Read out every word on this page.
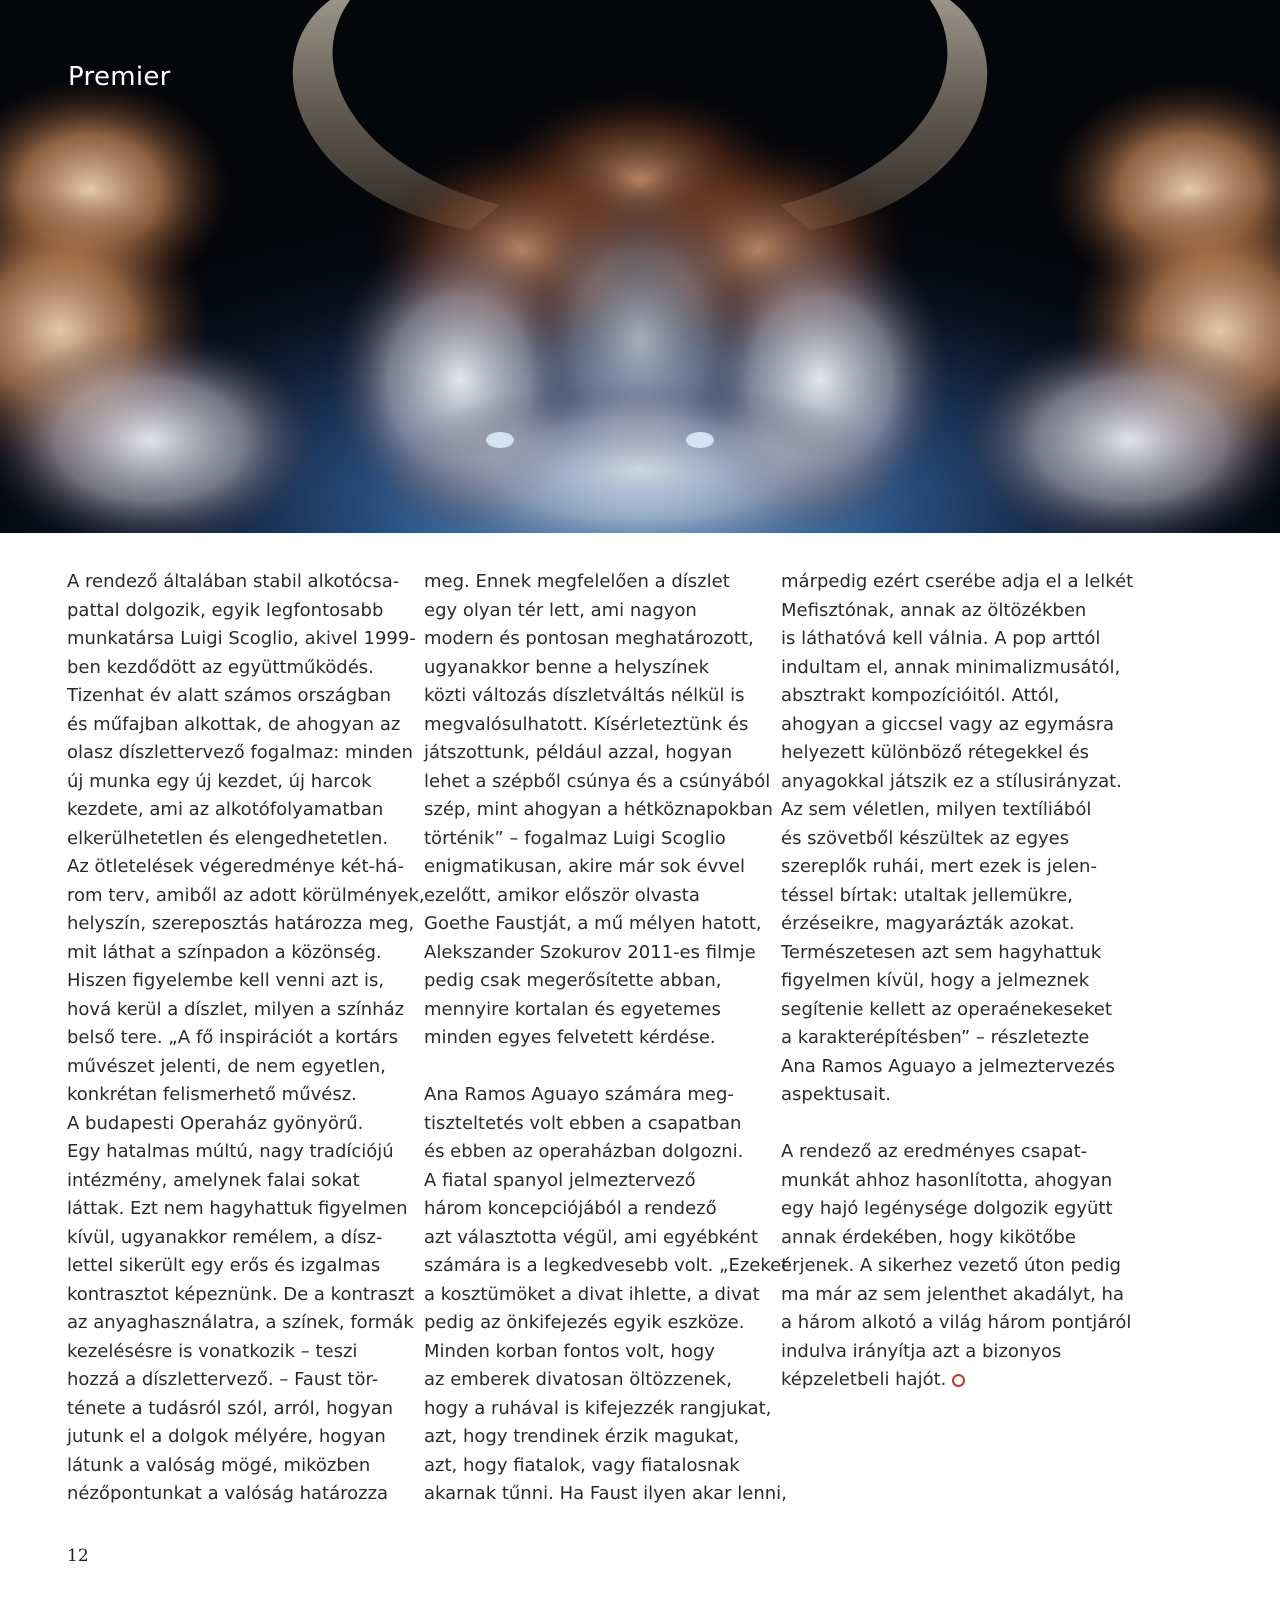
Premier
A rendező általában stabil alkotócsa-
pattal dolgozik, egyik legfontosabb
munkatársa Luigi Scoglio, akivel 1999-
ben kezdődött az együttműködés.
Tizenhat év alatt számos országban
és műfajban alkottak, de ahogyan az
olasz díszlettervező fogalmaz: minden
új munka egy új kezdet, új harcok
kezdete, ami az alkotófolyamatban
elkerülhetetlen és elengedhetetlen.
Az ötletelések végeredménye két-há-
rom terv, amiből az adott körülmények,
helyszín, szereposztás határozza meg,
mit láthat a színpadon a közönség.
Hiszen figyelembe kell venni azt is,
hová kerül a díszlet, milyen a színház
belső tere. „A fő inspirációt a kortárs
művészet jelenti, de nem egyetlen,
konkrétan felismerhető művész.
A budapesti Operaház gyönyörű.
Egy hatalmas múltú, nagy tradíciójú
intézmény, amelynek falai sokat
láttak. Ezt nem hagyhattuk figyelmen
kívül, ugyanakkor remélem, a dísz-
lettel sikerült egy erős és izgalmas
kontrasztot képeznünk. De a kontraszt
az anyaghasználatra, a színek, formák
kezelésésre is vonatkozik – teszi
hozzá a díszlettervező. – Faust tör-
ténete a tudásról szól, arról, hogyan
jutunk el a dolgok mélyére, hogyan
látunk a valóság mögé, miközben
nézőpontunkat a valóság határozza
meg. Ennek megfelelően a díszlet
egy olyan tér lett, ami nagyon
modern és pontosan meghatározott,
ugyanakkor benne a helyszínek
közti változás díszletváltás nélkül is
megvalósulhatott. Kísérleteztünk és
játszottunk, például azzal, hogyan
lehet a szépből csúnya és a csúnyából
szép, mint ahogyan a hétköznapokban
történik” – fogalmaz Luigi Scoglio
enigmatikusan, akire már sok évvel
ezelőtt, amikor először olvasta
Goethe Faustját, a mű mélyen hatott,
Alekszander Szokurov 2011-es filmje
pedig csak megerősítette abban,
mennyire kortalan és egyetemes
minden egyes felvetett kérdése.
Ana Ramos Aguayo számára meg-
tiszteltetés volt ebben a csapatban
és ebben az operaházban dolgozni.
A fiatal spanyol jelmeztervező
három koncepciójából a rendező
azt választotta végül, ami egyébként
számára is a legkedvesebb volt. „Ezeket
a kosztümöket a divat ihlette, a divat
pedig az önkifejezés egyik eszköze.
Minden korban fontos volt, hogy
az emberek divatosan öltözzenek,
hogy a ruhával is kifejezzék rangjukat,
azt, hogy trendinek érzik magukat,
azt, hogy fiatalok, vagy fiatalosnak
akarnak tűnni. Ha Faust ilyen akar lenni,
márpedig ezért cserébe adja el a lelkét
Mefisztónak, annak az öltözékben
is láthatóvá kell válnia. A pop arttól
indultam el, annak minimalizmusától,
absztrakt kompozícióitól. Attól,
ahogyan a giccsel vagy az egymásra
helyezett különböző rétegekkel és
anyagokkal játszik ez a stílusirányzat.
Az sem véletlen, milyen textíliából
és szövetből készültek az egyes
szereplők ruhái, mert ezek is jelen-
téssel bírtak: utaltak jellemükre,
érzéseikre, magyarázták azokat.
Természetesen azt sem hagyhattuk
figyelmen kívül, hogy a jelmeznek
segítenie kellett az operaénekeseket
a karakterépítésben” – részletezte
Ana Ramos Aguayo a jelmeztervezés
aspektusait.
A rendező az eredményes csapat-
munkát ahhoz hasonlította, ahogyan
egy hajó legénysége dolgozik együtt
annak érdekében, hogy kikötőbe
érjenek. A sikerhez vezető úton pedig
ma már az sem jelenthet akadályt, ha
a három alkotó a világ három pontjáról
indulva irányítja azt a bizonyos
képzeletbeli hajót.
12
